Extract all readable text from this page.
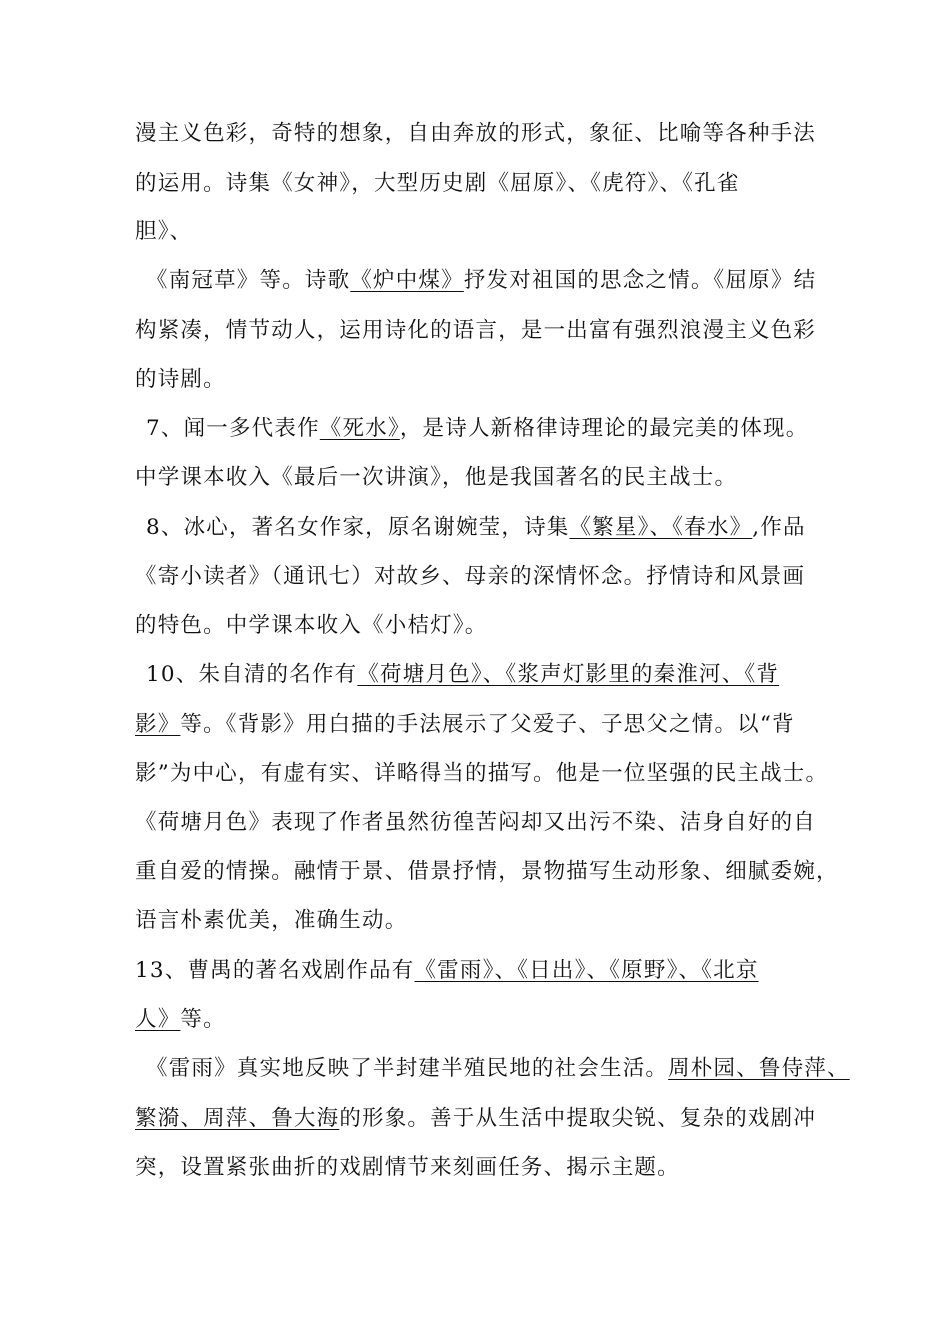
漫主义色彩，奇特的想象，自由奔放的形式，象征、比喻等各种手法
的运用。诗集《女神》，大型历史剧《屈原》、《虎符》、《孔雀
胆》、
《南冠草》等。诗歌《炉中煤》抒发对祖国的思念之情。《屈原》结
构紧凑，情节动人，运用诗化的语言，是一出富有强烈浪漫主义色彩
的诗剧。
7、闻一多代表作《死水》，是诗人新格律诗理论的最完美的体现。
中学课本收入《最后一次讲演》，他是我国著名的民主战士。
8、冰心，著名女作家，原名谢婉莹，诗集《繁星》、《春水》,作品
《寄小读者》（通讯七）对故乡、母亲的深情怀念。抒情诗和风景画
的特色。中学课本收入《小桔灯》。
10、朱自清的名作有《荷塘月色》、《浆声灯影里的秦淮河、《背
影》等。《背影》用白描的手法展示了父爱子、子思父之情。以“背
影”为中心，有虚有实、详略得当的描写。他是一位坚强的民主战士。
《荷塘月色》表现了作者虽然彷徨苦闷却又出污不染、洁身自好的自
重自爱的情操。融情于景、借景抒情，景物描写生动形象、细腻委婉，
语言朴素优美，准确生动。
13、曹禺的著名戏剧作品有《雷雨》、《日出》、《原野》、《北京
人》等。
《雷雨》真实地反映了半封建半殖民地的社会生活。周朴园、鲁侍萍、
繁漪、周萍、鲁大海的形象。善于从生活中提取尖锐、复杂的戏剧冲
突，设置紧张曲折的戏剧情节来刻画任务、揭示主题。
